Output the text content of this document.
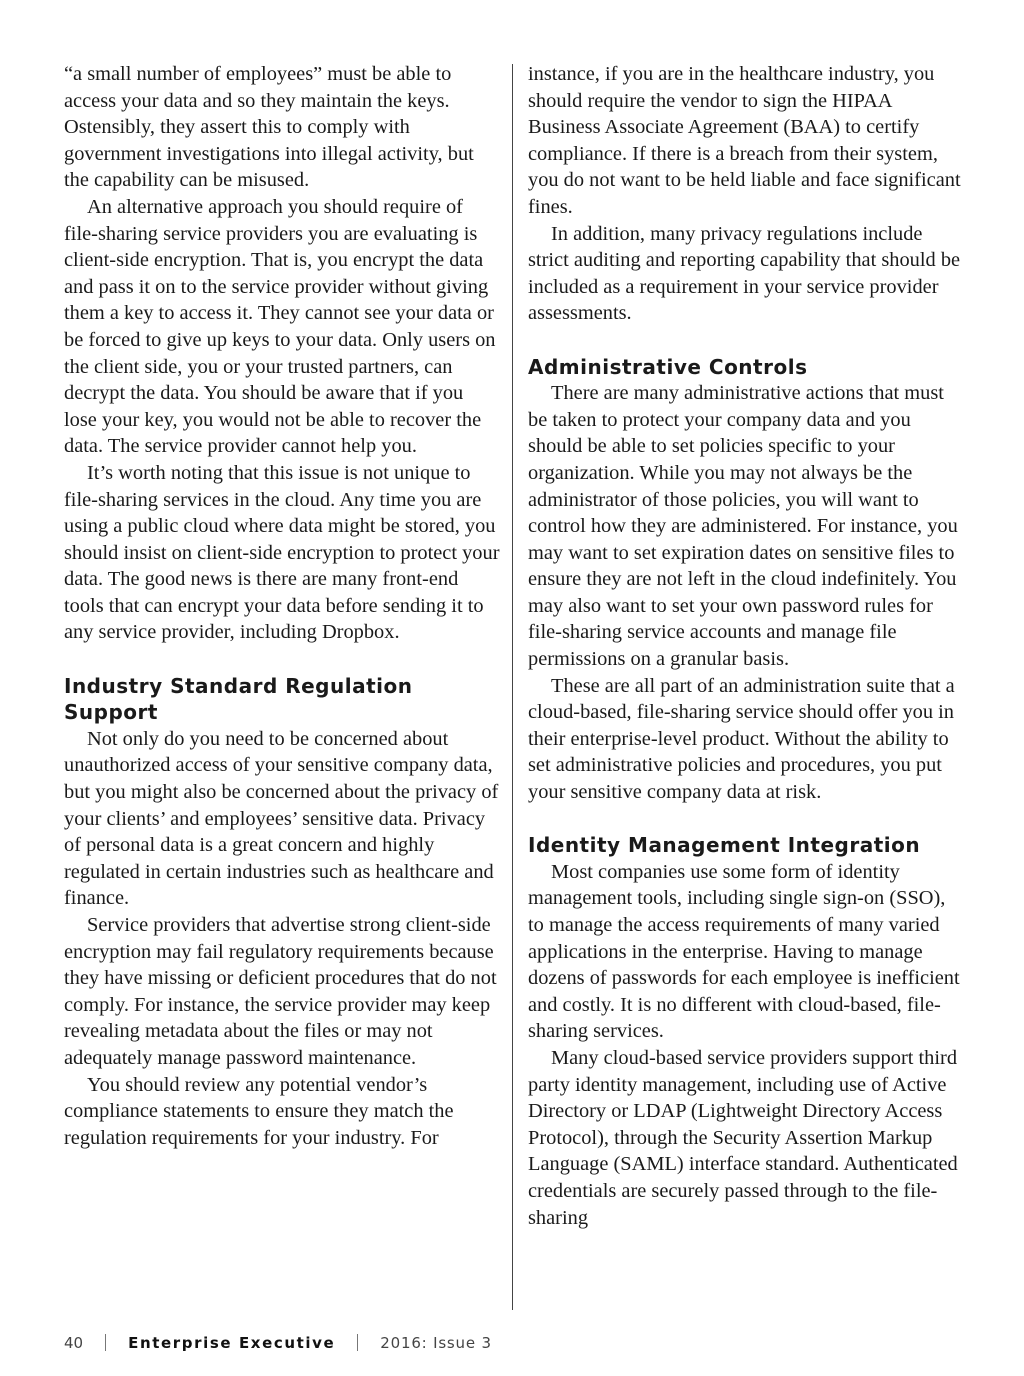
“a small number of employees” must be able to access your data and so they maintain the keys. Ostensibly, they assert this to comply with government investigations into illegal activity, but the capability can be misused.

An alternative approach you should require of file-sharing service providers you are evaluating is client-side encryption. That is, you encrypt the data and pass it on to the service provider without giving them a key to access it. They cannot see your data or be forced to give up keys to your data. Only users on the client side, you or your trusted partners, can decrypt the data. You should be aware that if you lose your key, you would not be able to recover the data. The service provider cannot help you.

It’s worth noting that this issue is not unique to file-sharing services in the cloud. Any time you are using a public cloud where data might be stored, you should insist on client-side encryption to protect your data. The good news is there are many front-end tools that can encrypt your data before sending it to any service provider, including Dropbox.

Industry Standard Regulation Support

Not only do you need to be concerned about unauthorized access of your sensitive company data, but you might also be concerned about the privacy of your clients’ and employees’ sensitive data. Privacy of personal data is a great concern and highly regulated in certain industries such as healthcare and finance.

Service providers that advertise strong client-side encryption may fail regulatory requirements because they have missing or deficient procedures that do not comply. For instance, the service provider may keep revealing metadata about the files or may not adequately manage password maintenance.

You should review any potential vendor’s compliance statements to ensure they match the regulation requirements for your industry. For

instance, if you are in the healthcare industry, you should require the vendor to sign the HIPAA Business Associate Agreement (BAA) to certify compliance. If there is a breach from their system, you do not want to be held liable and face significant fines.

In addition, many privacy regulations include strict auditing and reporting capability that should be included as a requirement in your service provider assessments.

Administrative Controls

There are many administrative actions that must be taken to protect your company data and you should be able to set policies specific to your organization. While you may not always be the administrator of those policies, you will want to control how they are administered. For instance, you may want to set expiration dates on sensitive files to ensure they are not left in the cloud indefinitely. You may also want to set your own password rules for file-sharing service accounts and manage file permissions on a granular basis.

These are all part of an administration suite that a cloud-based, file-sharing service should offer you in their enterprise-level product. Without the ability to set administrative policies and procedures, you put your sensitive company data at risk.

Identity Management Integration

Most companies use some form of identity management tools, including single sign-on (SSO), to manage the access requirements of many varied applications in the enterprise. Having to manage dozens of passwords for each employee is inefficient and costly. It is no different with cloud-based, file-sharing services.

Many cloud-based service providers support third party identity management, including use of Active Directory or LDAP (Lightweight Directory Access Protocol), through the Security Assertion Markup Language (SAML) interface standard. Authenticated credentials are securely passed through to the file-sharing

40	Enterprise Executive	2016: Issue 3
